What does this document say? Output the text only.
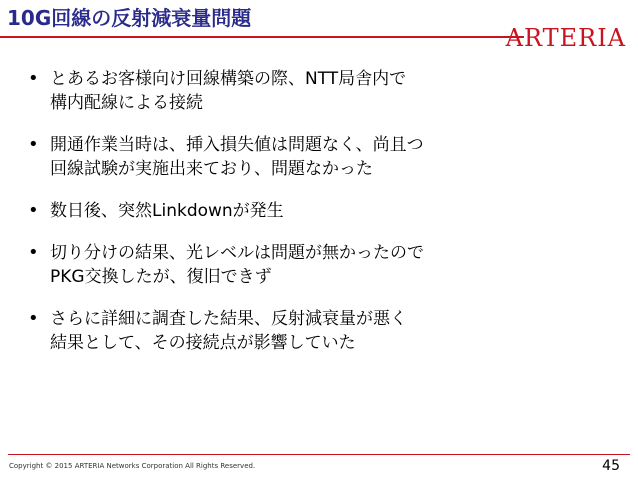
10G回線の反射減衰量問題
ARTERIA
• とあるお客様向け回線構築の際、NTT局舎内で
構内配線による接続
• 開通作業当時は、挿入損失値は問題なく、尚且つ
回線試験が実施出来ており、問題なかった
• 数日後、突然Linkdownが発生
• 切り分けの結果、光レベルは問題が無かったので
PKG交換したが、復旧できず
• さらに詳細に調査した結果、反射減衰量が悪く
結果として、その接続点が影響していた
Copyright © 2015 ARTERIA Networks Corporation All Rights Reserved.	45
